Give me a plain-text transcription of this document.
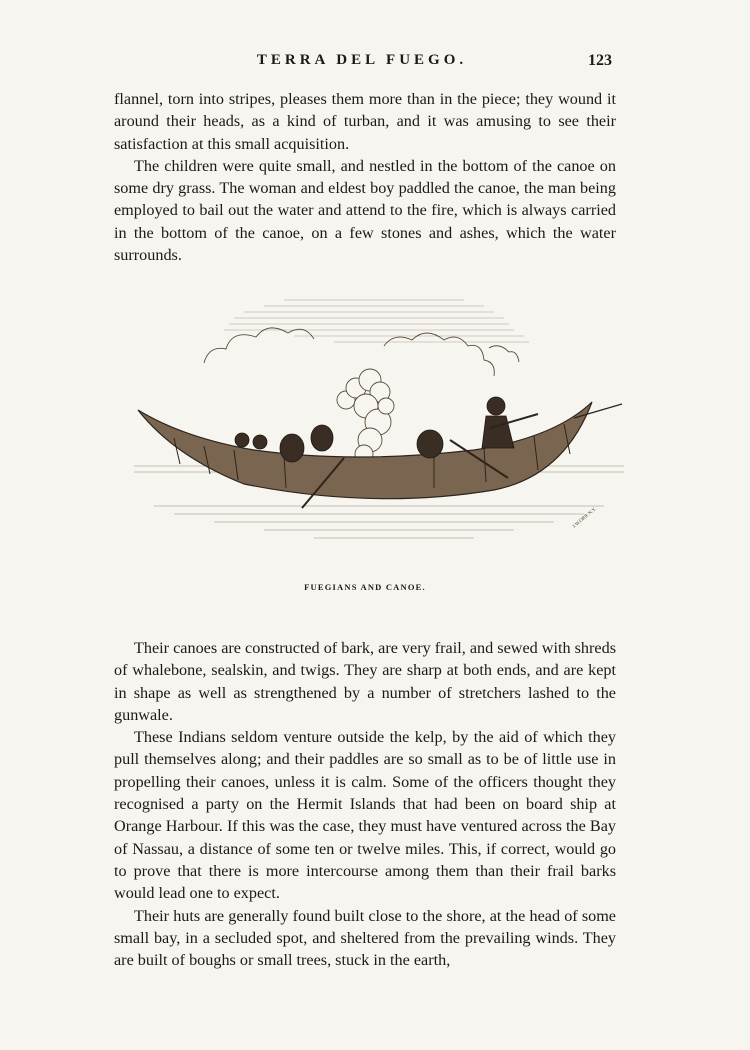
TERRA DEL FUEGO.	123

flannel, torn into stripes, pleases them more than in the piece; they wound it around their heads, as a kind of turban, and it was amusing to see their satisfaction at this small acquisition.

The children were quite small, and nestled in the bottom of the canoe on some dry grass. The woman and eldest boy paddled the canoe, the man being employed to bail out the water and attend to the fire, which is always carried in the bottom of the canoe, on a few stones and ashes, which the water surrounds.

J.W.ORR N.Y.
FUEGIANS AND CANOE.

Their canoes are constructed of bark, are very frail, and sewed with shreds of whalebone, sealskin, and twigs. They are sharp at both ends, and are kept in shape as well as strengthened by a number of stretchers lashed to the gunwale.

These Indians seldom venture outside the kelp, by the aid of which they pull themselves along; and their paddles are so small as to be of little use in propelling their canoes, unless it is calm. Some of the officers thought they recognised a party on the Hermit Islands that had been on board ship at Orange Harbour. If this was the case, they must have ventured across the Bay of Nassau, a distance of some ten or twelve miles. This, if correct, would go to prove that there is more intercourse among them than their frail barks would lead one to expect.

Their huts are generally found built close to the shore, at the head of some small bay, in a secluded spot, and sheltered from the prevailing winds. They are built of boughs or small trees, stuck in the earth,
